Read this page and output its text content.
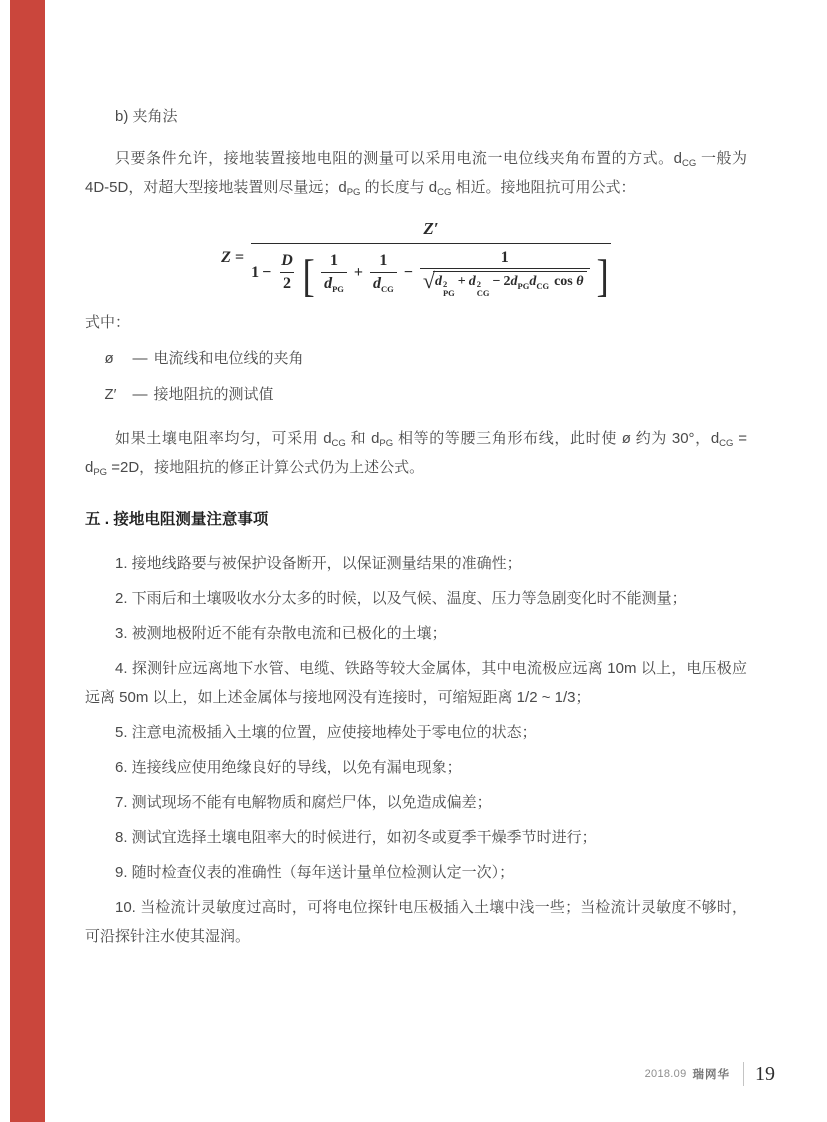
b) 夹角法

只要条件允许，接地装置接地电阻的测量可以采用电流一电位线夹角布置的方式。$d_{CG}$ 一般为 4D-5D，对超大型接地装置则尽量远；$d_{PG}$ 的长度与 $d_{CG}$ 相近。接地阻抗可用公式：

Z =
Z′
$1 - \frac{D}{2}$ [ 1
d PG
+
1
d CG
−
1
√ d 2
PG
+ d 2
CG
− 2 d PG d CG cos
θ ]

式中：

ø — 电流线和电位线的夹角

Z′ — 接地阻抗的测试值

如果土壤电阻率均匀，可采用 $d_{CG}$ 和 $d_{PG}$ 相等的等腰三角形布线，此时使 ø 约为 30°，$d_{CG} = d_{PG} =2D$，接地阻抗的修正计算公式仍为上述公式。

五 . 接地电阻测量注意事项

1. 接地线路要与被保护设备断开，以保证测量结果的准确性；

2. 下雨后和土壤吸收水分太多的时候，以及气候、温度、压力等急剧变化时不能测量；

3. 被测地极附近不能有杂散电流和已极化的土壤；

4. 探测针应远离地下水管、电缆、铁路等较大金属体，其中电流极应远离 10m 以上，电压极应远离 50m 以上，如上述金属体与接地网没有连接时，可缩短距离 1/2 ~ 1/3；

5. 注意电流极插入土壤的位置，应使接地棒处于零电位的状态；

6. 连接线应使用绝缘良好的导线，以免有漏电现象；

7. 测试现场不能有电解物质和腐烂尸体，以免造成偏差；

8. 测试宜选择土壤电阻率大的时候进行，如初冬或夏季干燥季节时进行；

9. 随时检查仪表的准确性（每年送计量单位检测认定一次）；

10. 当检流计灵敏度过高时，可将电位探针电压极插入土壤中浅一些；当检流计灵敏度不够时，可沿探针注水使其湿润。

2018.09 瑞网华 19
